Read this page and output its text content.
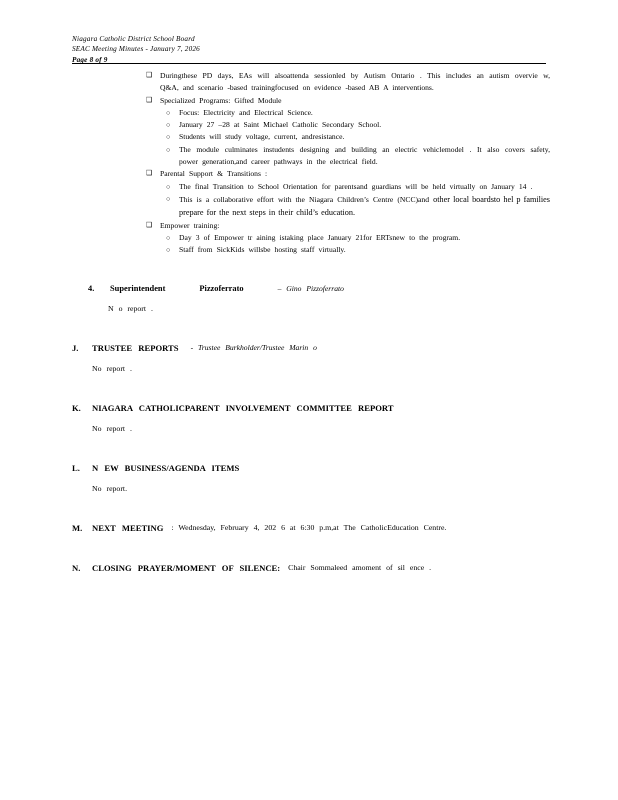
Niagara Catholic District School Board
SEAC Meeting Minutes - January 7, 2026
Page 8 of 9
❑	Duringthese PD days, EAs will alsoattenda sessionled by Autism Ontario . This includes an autism overvie w, Q&A, and scenario -based trainingfocused on evidence -based AB A interventions.
❑	Specialized Programs: Gifted Module
○	Focus: Electricity and Electrical Science.
○	January 27 –28 at Saint Michael Catholic Secondary School.
○	Students will study voltage, current, andresistance.
○	The module culminates instudents designing and building an electric vehiclemodel . It also covers safety, power generation,and career pathways in the electrical field.
❑	Parental Support & Transitions :
○	The final Transition to School Orientation for parentsand guardians will be held virtually on January 14 .
○	This is a collaborative effort with the Niagara Children’s Centre (NCC)and other local boardsto hel p families prepare for the next steps in their child’s education.
❑	Empower training:
○	Day 3 of Empower tr aining istaking place January 21for ERTsnew to the program.
○	Staff from SickKids willsbe hosting staff virtually.
4.	Superintendent	Pizzoferrato	– Gino Pizzoferrato
N o report .
J.	TRUSTEE REPORTS - Trustee Burkholder/Trustee Marin o
No report .
K.	NIAGARA CATHOLICPARENT INVOLVEMENT COMMITTEE REPORT
No report .
L.	N EW BUSINESS/AGENDA ITEMS
No report.
M.	NEXT MEETING : Wednesday, February 4, 202 6 at 6:30 p.m,at The CatholicEducation Centre.
N.	CLOSING PRAYER/MOMENT OF SILENCE: Chair Sommaleed amoment of sil ence .
